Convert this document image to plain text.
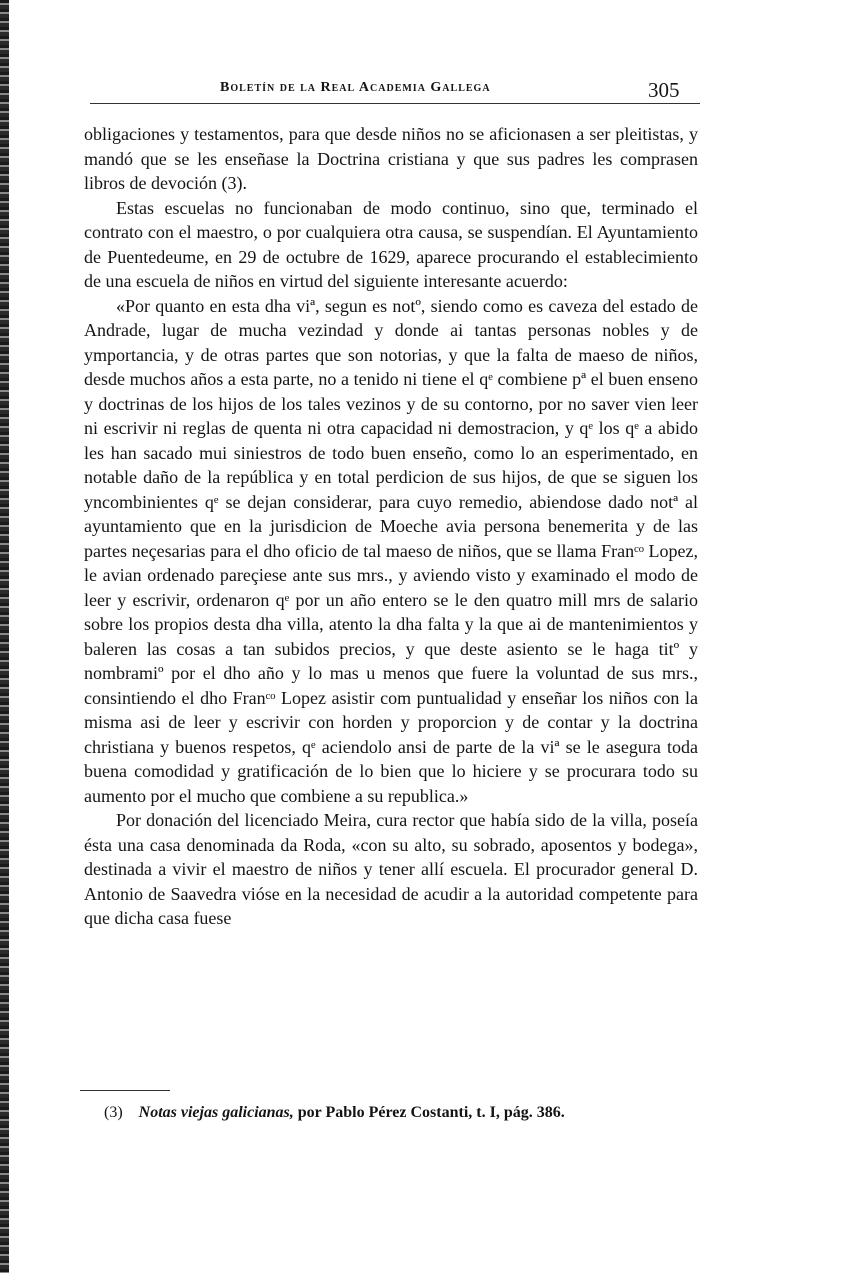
Boletín de la Real Academia Gallega	305

obligaciones y testamentos, para que desde niños no se aficionasen a ser pleitistas, y mandó que se les enseñase la Doctrina cristiana y que sus padres les comprasen libros de devoción (3).

Estas escuelas no funcionaban de modo continuo, sino que, terminado el contrato con el maestro, o por cualquiera otra causa, se suspendían. El Ayuntamiento de Puentedeume, en 29 de octubre de 1629, aparece procurando el establecimiento de una escuela de niños en virtud del siguiente interesante acuerdo:

«Por quanto en esta dha viª, segun es notº, siendo como es caveza del estado de Andrade, lugar de mucha vezindad y donde ai tantas personas nobles y de ymportancia, y de otras partes que son notorias, y que la falta de maeso de niños, desde muchos años a esta parte, no a tenido ni tiene el qᵉ combiene pª el buen enseno y doctrinas de los hijos de los tales vezinos y de su contorno, por no saver vien leer ni escrivir ni reglas de quenta ni otra capacidad ni demostracion, y qᵉ los qᵉ a abido les han sacado mui siniestros de todo buen enseño, como lo an esperimentado, en notable daño de la república y en total perdicion de sus hijos, de que se siguen los yncombinientes qᵉ se dejan considerar, para cuyo remedio, abiendose dado notª al ayuntamiento que en la jurisdicion de Moeche avia persona benemerita y de las partes neçesarias para el dho oficio de tal maeso de niños, que se llama Franᶜᵒ Lopez, le avian ordenado pareçiese ante sus mrs., y aviendo visto y examinado el modo de leer y escrivir, ordenaron qᵉ por un año entero se le den quatro mill mrs de salario sobre los propios desta dha villa, atento la dha falta y la que ai de mantenimientos y baleren las cosas a tan subidos precios, y que deste asiento se le haga titº y nombramiº por el dho año y lo mas u menos que fuere la voluntad de sus mrs., consintiendo el dho Franᶜᵒ Lopez asistir com puntualidad y enseñar los niños con la misma asi de leer y escrivir con horden y proporcion y de contar y la doctrina christiana y buenos respetos, qᵉ aciendolo ansi de parte de la viª se le asegura toda buena comodidad y gratificación de lo bien que lo hiciere y se procurara todo su aumento por el mucho que combiene a su republica.»

Por donación del licenciado Meira, cura rector que había sido de la villa, poseía ésta una casa denominada da Roda, «con su alto, su sobrado, aposentos y bodega», destinada a vivir el maestro de niños y tener allí escuela. El procurador general D. Antonio de Saavedra vióse en la necesidad de acudir a la autoridad competente para que dicha casa fuese

(3) Notas viejas galicianas, por Pablo Pérez Costanti, t. I, pág. 386.
